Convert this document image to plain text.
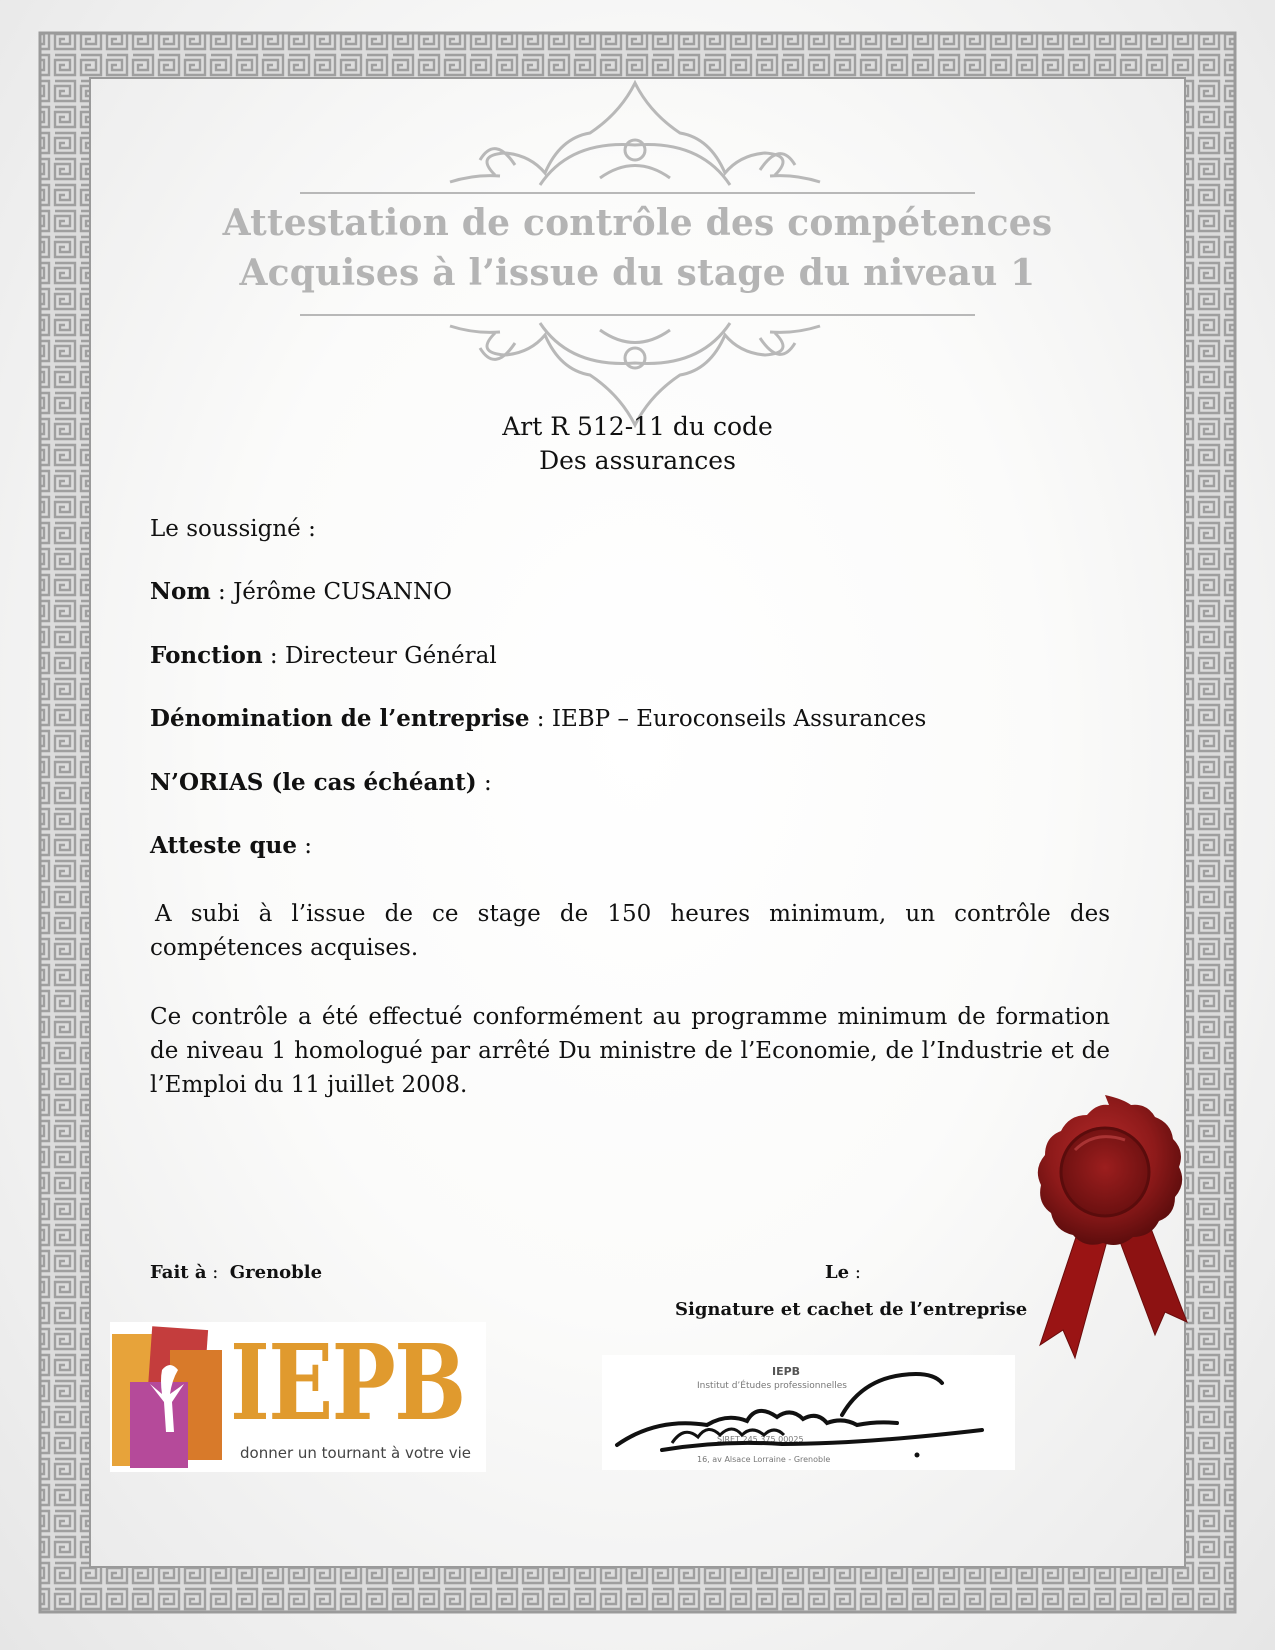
Attestation de contrôle des compétences
Acquises à l’issue du stage du niveau 1
Art R 512-11 du code
Des assurances
Le soussigné :
Nom : Jérôme CUSANNO
Fonction : Directeur Général
Dénomination de l’entreprise : IEBP – Euroconseils Assurances
N’ORIAS (le cas échéant) :
Atteste que :
A subi à l’issue de ce stage de 150 heures minimum, un contrôle des compétences acquises.
Ce contrôle a été effectué conformément au programme minimum de formation de niveau 1 homologué par arrêté Du ministre de l’Economie, de l’Industrie et de l’Emploi du 11 juillet 2008.
Fait à :  Grenoble	Le :
Signature et cachet de l’entreprise
IEPB
donner un tournant à votre vie
IEPB
Institut d’Études professionnelles
SIRET 245 375 00025
16, av Alsace Lorraine - Grenoble
